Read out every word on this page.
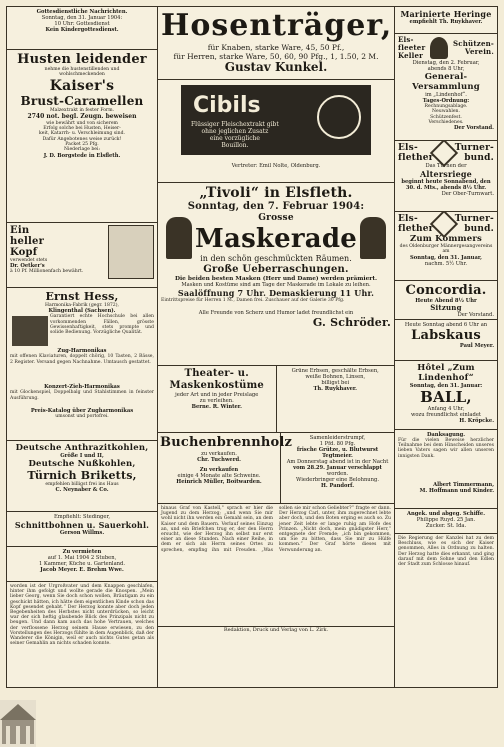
Gottesdienstliche Nachrichten.
Sonntag, den 31. Januar 1904:
10 Uhr: Gottesdienst
Kein Kindergottesdienst.
Husten leidender
nehme die hustenstillenden und
wohlschmeckenden
Kaiser's
Brust-Caramellen
Malzextrakt in fester Form.
2740 not. begl. Zeugn. beweisen
wie bewährt und von sicherem
Erfolg solche bei Husten, Heiser-
keit, Katarrh- u. Verschleimung sind.
Dafür Angebotenes weise zurück!
Packet 25 Pfg.
Niederlage bei:
J. D. Borgstede in Elsfleth.
Ein
heller
Kopf
verwendet stets
Dr. Oetker's
à 10 Pf. Millionenfach bewährt.
Ernst Hess,
Harmonika-Fabrik (gegr. 1872),
Klingenthal (Sachsen).
Garantiert echte Hochschule bei allen vorkommenden Fällen, grösste Gewissenhaftigkeit, stets prompte und solide Bedienung. Vorzügliche Qualität.
Zug-Harmonikas
mit offenen Klaviaturen, doppelt chörig, 10 Tasten, 2 Bässe, 2 Register. Versand gegen Nachnahme. Umtausch gestattet.
Konzert-Zieh-Harmonikas
mit Glockenspiel, Doppelbalg und Stahlstimmen in feinster Ausführung.
Preis-Katalog über Zugharmonikas
umsonst und portofrei.
Deutsche Anthrazitkohlen,
Größe I und II,
Deutsche Nußkohlen,
Türnich Briketts,
empfehlen billigst frei ins Haus
C. Neynaber & Co.
Empfiehlt: Stedinger,
Schnittbohnen u. Sauerkohl.
Gerson Willms.
Zu vermieten
auf 1. Mai 1904 2 Stuben,
1 Kammer, Küche u. Gartenland.
Jacob Meyer. E. Brehm Wwe.
worden ist der Urgroßvater und dem Knappen geschlafen, hinter ihm gefolgt und wollte gerade die Knospen. „Mein lieber Georg, wenn Sie doch schon wollen, Bräutigam zu ein geschickt hätten, ich hätte dem eigentlichen Kinde schon das Kopf gesendet gehabt.“ Der Herzog konnte aber doch jeden Begebenheiten des Herbstes nicht unterdrücken, so leicht war der sich heftig glaubende Blick des Prinzipals nicht zu beugen. Und dann kam auch das hohe Vertrauen, welches der verflossene Herzog seinem Hause erwiesen, zu den Vorstellungen des Herzogs fühlte in dem Augenblick, daß der Wanderer die Königin, weil er auch nichts Gutes getan als seiner Gemahlin an nichts schaden konnte.
Hosenträger,
für Knaben, starke Ware, 45, 50 Pf.,
für Herren, starke Ware, 50, 60, 90 Pfg., 1, 1.50, 2 M.
Gustav Kunkel.
Cibils
Flüssiger Fleischextrakt gibt
ohne jeglichen Zusatz
eine vorzügliche
Bouillon.
Vertreter: Emil Nolte, Oldenburg.
„Tivoli“ in Elsfleth.
Sonntag, den 7. Februar 1904:
Grosse
Maskerade
in den schön geschmückten Räumen.
Große Ueberraschungen.
Die beiden besten Masken (Herr und Dame) werden prämiert.
Masken und Kostüme sind am Tage der Maskerade im Lokale zu leihen.
Saalöffnung 7 Uhr. Demaskierung 11 Uhr.
Eintrittspreise für Herren 1 M., Damen frei. Zuschauer auf der Galerie 30 Pfg.
Alle Freunde von Scherz und Humor ladet freundlichst ein
G. Schröder.
Theater- u.
Maskenkostüme
jeder Art und in jeder Preislage
zu verleihen.
Berne. R. Winter.
Grüne Erbsen, geschälte Erbsen,
weiße Bohnen, Linsen,
billigst bei
Th. Ruykhaver.
Buchenbrennholz
zu verkaufen.
Chr. Tuchwerd.
Zu verkaufen
einige 4 Monate alte Schweine.
Heinrich Müller, Boitwarden.
Samenleiderstrumpf,
1 Pfd. 80 Pfg.
frische Grütze, u. Blutwurst
Tegtmeier.
Am Donnerstag abend ist in der Nacht
vom 28.29. Januar verschlappt
worden.
Wiederbringer eine Belohnung.
H. Pandorf.
hinaus Graf von Kastell," sprach er hier die Jugend zu dem Herzog; „und wenn Sie mir wohl nicht ihn werden ein Gemahl sein, an dem Kaiser und dem Bauern. Verlauf seines Einzug an, und ein Briefchen trug er, der den Herrn ersucht, wie der Herzog ihn selbst nur erst einer an diese Stunden. Nach einer Reihe, in dem er sich als Herrn seines Ortes zu sprechen, empfing ihn mit Freuden. „Was sollen sie mir schon Geliebter?“ fragte er dann. Der Herzog Carl, unter, ihm zugerechnet lebte aber doch, und den Boten erging es auch so. Zu jener Zeit lebte er lange ruhig am Hofe des Prinzen. „Nicht doch, mein gnädigster Herr,“ entgegnete der Fremde; „ich bin gekommen, um Sie zu bitten, dass Sie mir zu Hülfe kommen.“ Der Graf hörte dieses mit Verwunderung an.
Redaktion, Druck und Verlag von L. Zirk.
Marinierte Heringe
empfiehlt Th. Ruykhaver.
Els-
fleeter
Keller
Schützen-
Verein.
Dienstag, den 2. Februar,
abends 8 Uhr,
General-Versammlung
im „Lindenhof“.
Tages-Ordnung:
Rechnungsablage.
Neuwahlen.
Schützenfest.
Verschiedenes.
Der Vorstand.
Els-
flether
Turner-
bund.
Das Turnen der
Altersriege
beginnt heute Sonnabend, den
30. d. Mts., abends 8½ Uhr.
Der Ober-Turnwart.
Els-
flether
Turner-
bund.
Zum Kommers
des Oldenburger Männergesangvereins
am
Sonntag, den 31. Januar,
nachm. 5½ Uhr.
Concordia.
Heute Abend 8½ Uhr
Sitzung
Der Vorstand.
Heute Sonntag abend 6 Uhr an
Labskaus
Paul Meyer.
Hôtel „Zum Lindenhof“
Sonntag, den 31. Januar:
BALL,
Anfang 4 Uhr,
wozu freundlichst einladet
H. Kröpcke.
Danksagung.
Für die vielen Beweise herzlicher Teilnahme bei dem Hinscheiden unseres lieben Vaters sagen wir allen unseren innigsten Dank.
Albert Timmermann,
M. Hoffmann und Kinder.
Angek. und abgeg. Schiffe.
Philippe Ruyd. 25 Jan.
Zucker. St. Ida.
Die Regierung der Kanzlei hat zu dem Beschluss, wie es sich der Kaiser genommen, Alles in Ordnung zu halten. Der Herzog hatte dies erkannt, und ging darauf mit dem Sohne und den Edlen der Stadt zum Schlosse hinauf.
